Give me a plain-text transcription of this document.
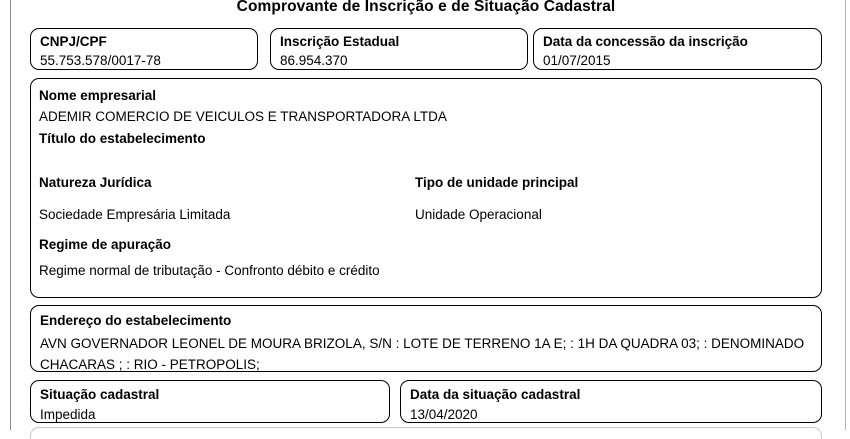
Comprovante de Inscrição e de Situação Cadastral
CNPJ/CPF
55.753.578/0017-78
Inscrição Estadual
86.954.370
Data da concessão da inscrição
01/07/2015
Nome empresarial
ADEMIR COMERCIO DE VEICULOS E TRANSPORTADORA LTDA
Título do estabelecimento
Natureza Jurídica	Tipo de unidade principal
Sociedade Empresária Limitada	Unidade Operacional
Regime de apuração
Regime normal de tributação - Confronto débito e crédito
Endereço do estabelecimento
AVN GOVERNADOR LEONEL DE MOURA BRIZOLA, S/N : LOTE DE TERRENO 1A E; : 1H DA QUADRA 03; : DENOMINADO CHACARAS ; : RIO - PETROPOLIS;
Situação cadastral
Impedida
Data da situação cadastral
13/04/2020
